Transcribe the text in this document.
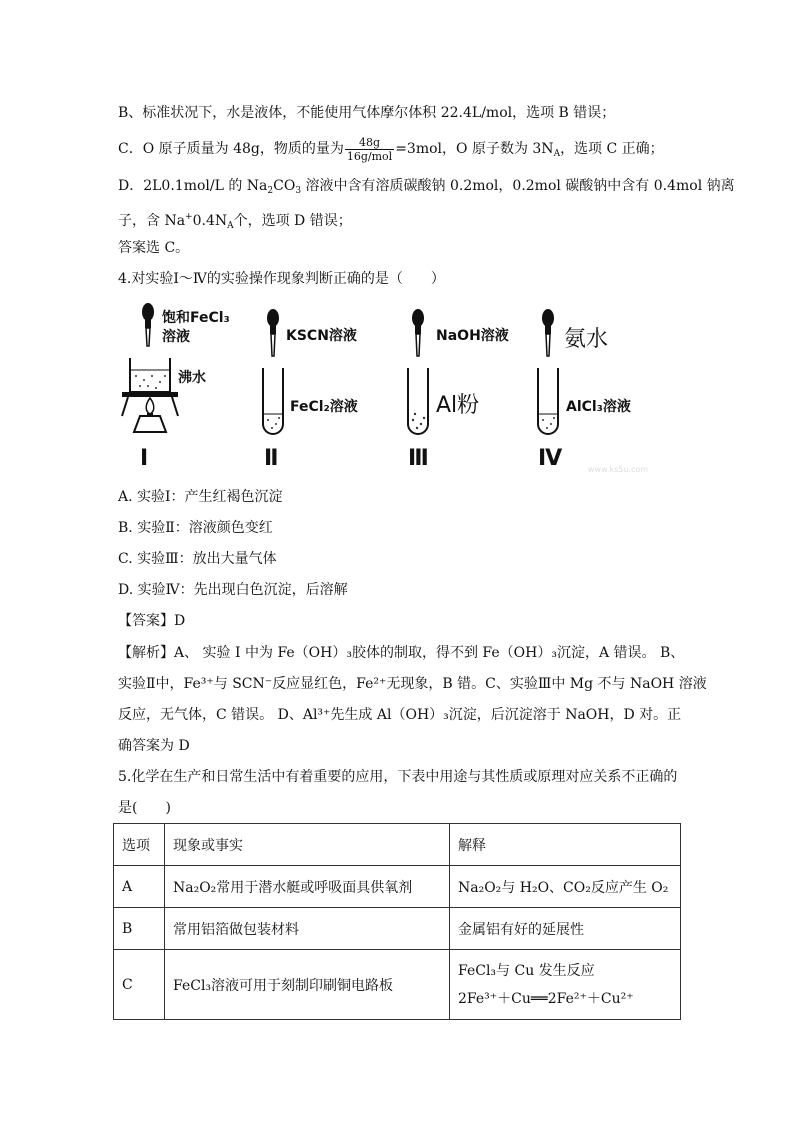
B、标准状况下，水是液体，不能使用气体摩尔体积 22.4L/mol，选项 B 错误；
C．O 原子质量为 48g，物质的量为 $\frac{48g}{\text{16g/mol}} =3mol$，O 原子数为 $3N_A$，选项 C 正确；
D．2L0.1mol/L 的 $Na_2CO_3$ 溶液中含有溶质碳酸钠 0.2mol，0.2mol 碳酸钠中含有 0.4mol 钠离
子，含 $Na^+0.4N_A$个，选项 D 错误；
答案选 C。
4.对实验Ⅰ～Ⅳ的实验操作现象判断正确的是（　　）
饱和FeCl₃
溶液
沸水
Ⅰ
KSCN溶液
FeCl₂溶液
Ⅱ
NaOH溶液
Al粉
Ⅲ
氨水
AlCl₃溶液
Ⅳ	www.ks5u.com
A. 实验Ⅰ：产生红褐色沉淀
B. 实验Ⅱ：溶液颜色变红
C. 实验Ⅲ：放出大量气体
D. 实验Ⅳ：先出现白色沉淀，后溶解
【答案】D
【解析】A、 实验 I 中为 Fe（OH）₃胶体的制取，得不到 Fe（OH）₃沉淀，A 错误。 B、
实验Ⅱ中，Fe³⁺与 SCN⁻反应显红色，Fe²⁺无现象，B 错。C、实验Ⅲ中 Mg 不与 NaOH 溶液
反应，无气体，C 错误。 D、Al³⁺先生成 Al（OH）₃沉淀，后沉淀溶于 NaOH，D 对。正
确答案为 D
5.化学在生产和日常生活中有着重要的应用，下表中用途与其性质或原理对应关系不正确的
是(　　)
选项	现象或事实	解释
A	Na₂O₂常用于潜水艇或呼吸面具供氧剂	Na₂O₂与 H₂O、CO₂反应产生 O₂
B	常用铝箔做包装材料	金属铝有好的延展性
C	FeCl₃溶液可用于刻制印刷铜电路板	FeCl₃与 Cu 发生反应
2Fe³⁺＋Cu══2Fe²⁺＋Cu²⁺
